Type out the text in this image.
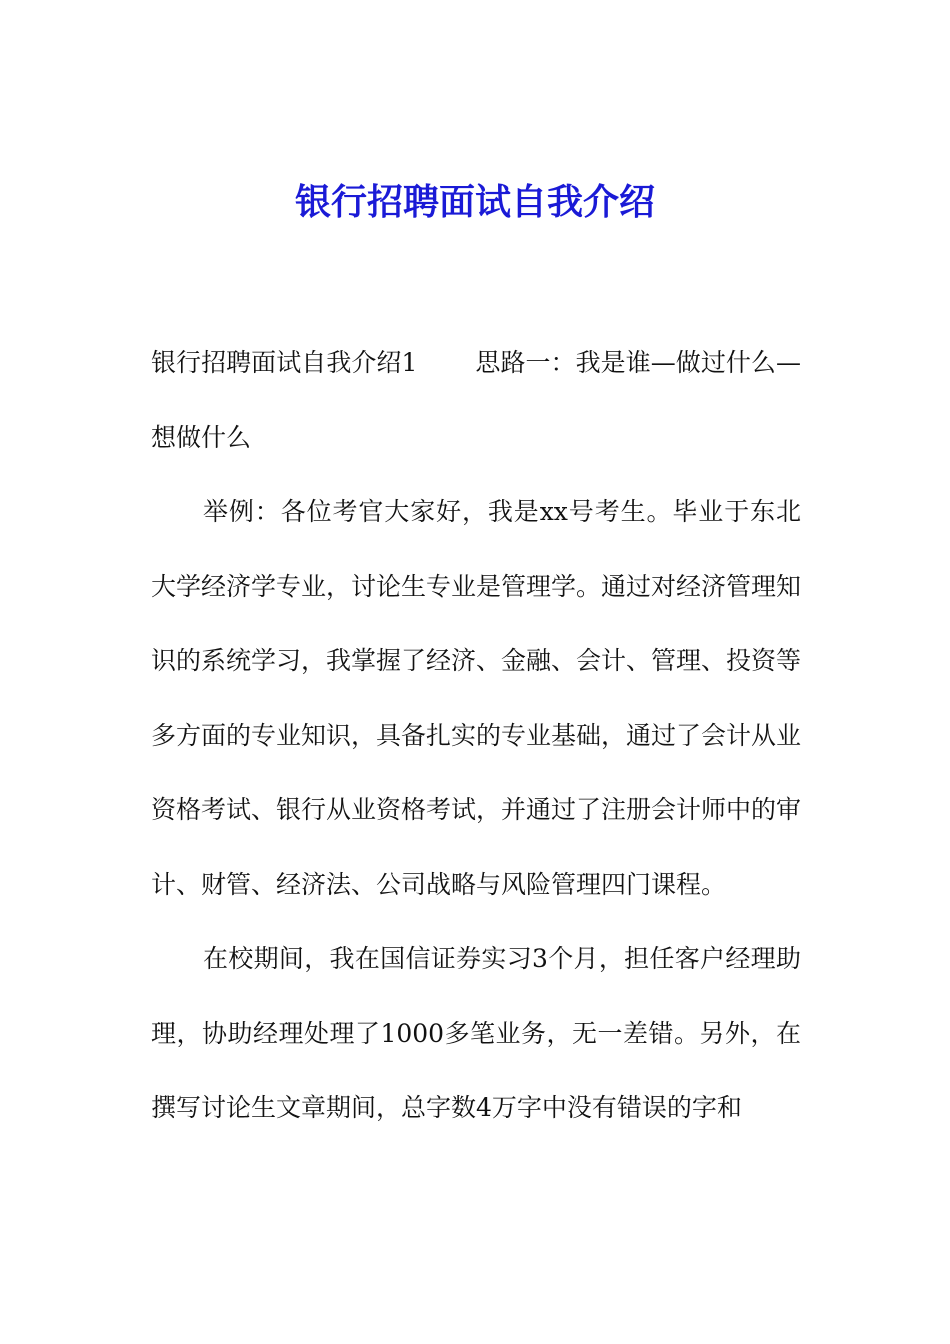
银行招聘面试自我介绍

银行招聘面试自我介绍1 思路一：我是谁—做过什么—想做什么

举例：各位考官大家好，我是xx号考生。毕业于东北大学经济学专业，讨论生专业是管理学。通过对经济管理知识的系统学习，我掌握了经济、金融、会计、管理、投资等多方面的专业知识，具备扎实的专业基础，通过了会计从业资格考试、银行从业资格考试，并通过了注册会计师中的审计、财管、经济法、公司战略与风险管理四门课程。

在校期间，我在国信证券实习3个月，担任客户经理助理，协助经理处理了1000多笔业务，无一差错。另外，在撰写讨论生文章期间，总字数4万字中没有错误的字和
